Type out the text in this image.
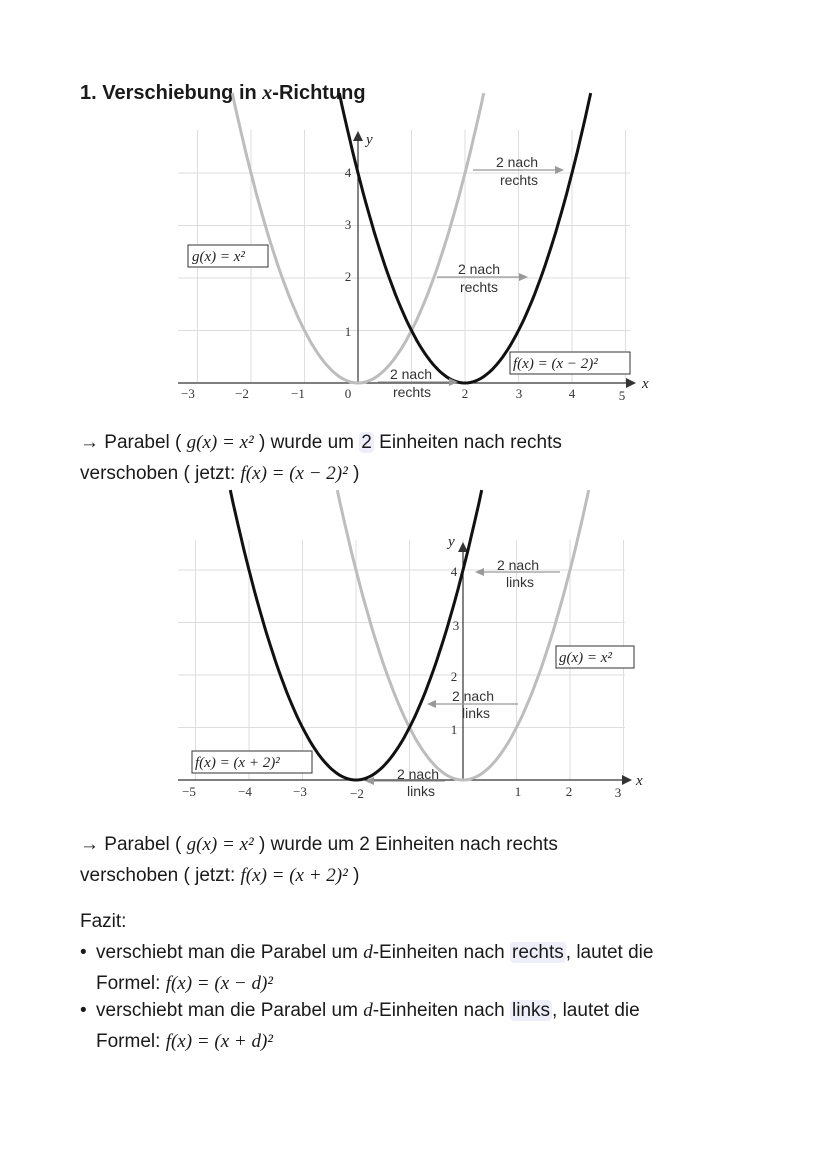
1. Verschiebung in x-Richtung
x
y
−3	−2	−1	0	2	3	4	5
1
2
3
4
g(x) = x²
f(x) = (x − 2)²
2 nach
rechts
2 nach
rechts
2 nach
rechts
→ Parabel ( g(x) = x² ) wurde um 2 Einheiten nach rechts
verschoben ( jetzt: f(x) = (x − 2)² )
x
y
−5	−4	−3	−2	1	2	3
1
2
3
4
g(x) = x²
f(x) = (x + 2)²
2 nach
links
2 nach
links
2 nach
links
→ Parabel ( g(x) = x² ) wurde um 2 Einheiten nach rechts
verschoben ( jetzt: f(x) = (x + 2)² )
Fazit:
• verschiebt man die Parabel um d-Einheiten nach rechts , lautet die
Formel: f(x) = (x − d)²
• verschiebt man die Parabel um d-Einheiten nach links , lautet die
Formel: f(x) = (x + d)²
